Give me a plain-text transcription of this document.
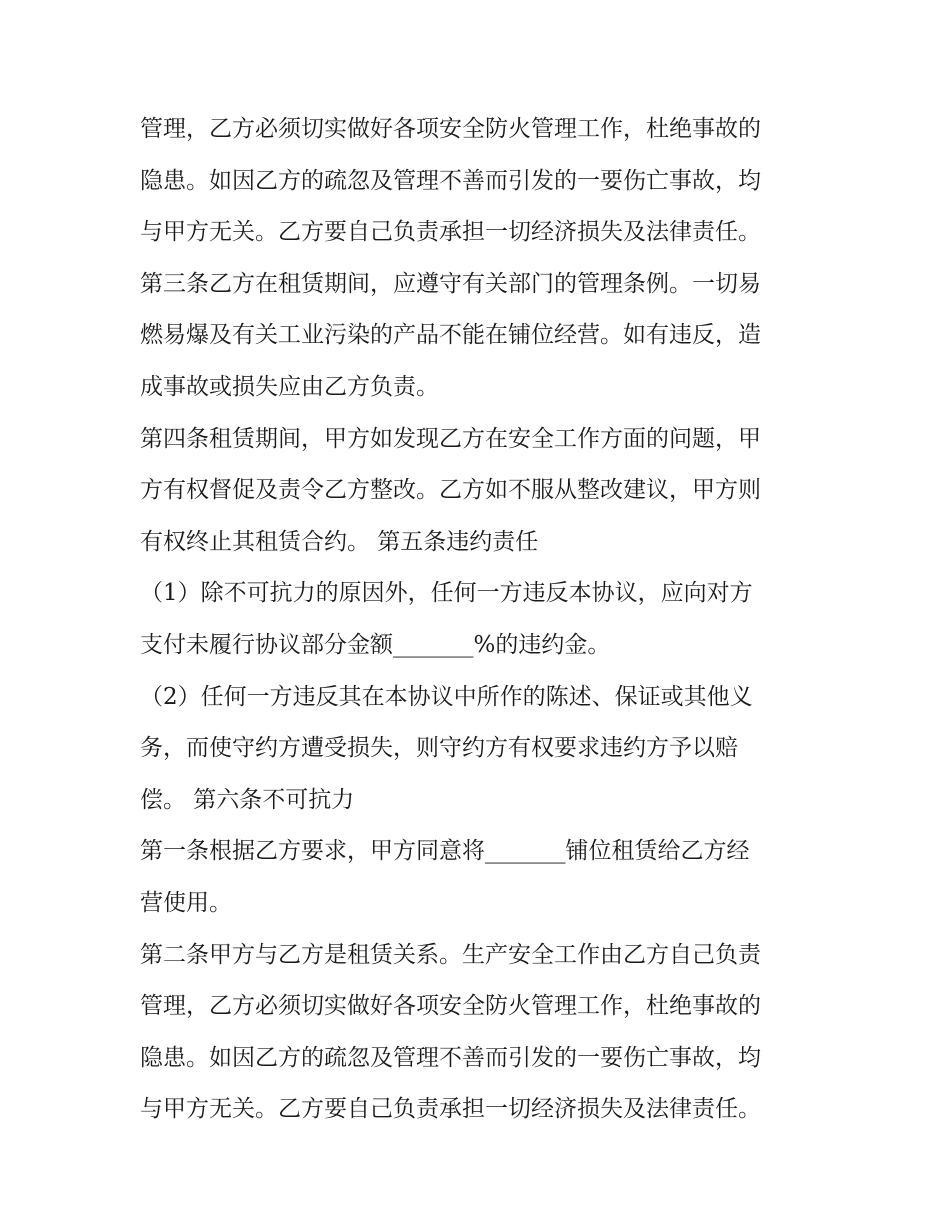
管理，乙方必须切实做好各项安全防火管理工作，杜绝事故的
隐患。如因乙方的疏忽及管理不善而引发的一要伤亡事故，均
与甲方无关。乙方要自己负责承担一切经济损失及法律责任。
第三条乙方在租赁期间，应遵守有关部门的管理条例。一切易
燃易爆及有关工业污染的产品不能在铺位经营。如有违反，造
成事故或损失应由乙方负责。
第四条租赁期间，甲方如发现乙方在安全工作方面的问题，甲
方有权督促及责令乙方整改。乙方如不服从整改建议，甲方则
有权终止其租赁合约。 第五条违约责任
（1）除不可抗力的原因外，任何一方违反本协议，应向对方
支付未履行协议部分金额_______%的违约金。
（2）任何一方违反其在本协议中所作的陈述、保证或其他义
务，而使守约方遭受损失，则守约方有权要求违约方予以赔
偿。 第六条不可抗力
第一条根据乙方要求，甲方同意将_______铺位租赁给乙方经
营使用。
第二条甲方与乙方是租赁关系。生产安全工作由乙方自己负责
管理，乙方必须切实做好各项安全防火管理工作，杜绝事故的
隐患。如因乙方的疏忽及管理不善而引发的一要伤亡事故，均
与甲方无关。乙方要自己负责承担一切经济损失及法律责任。
